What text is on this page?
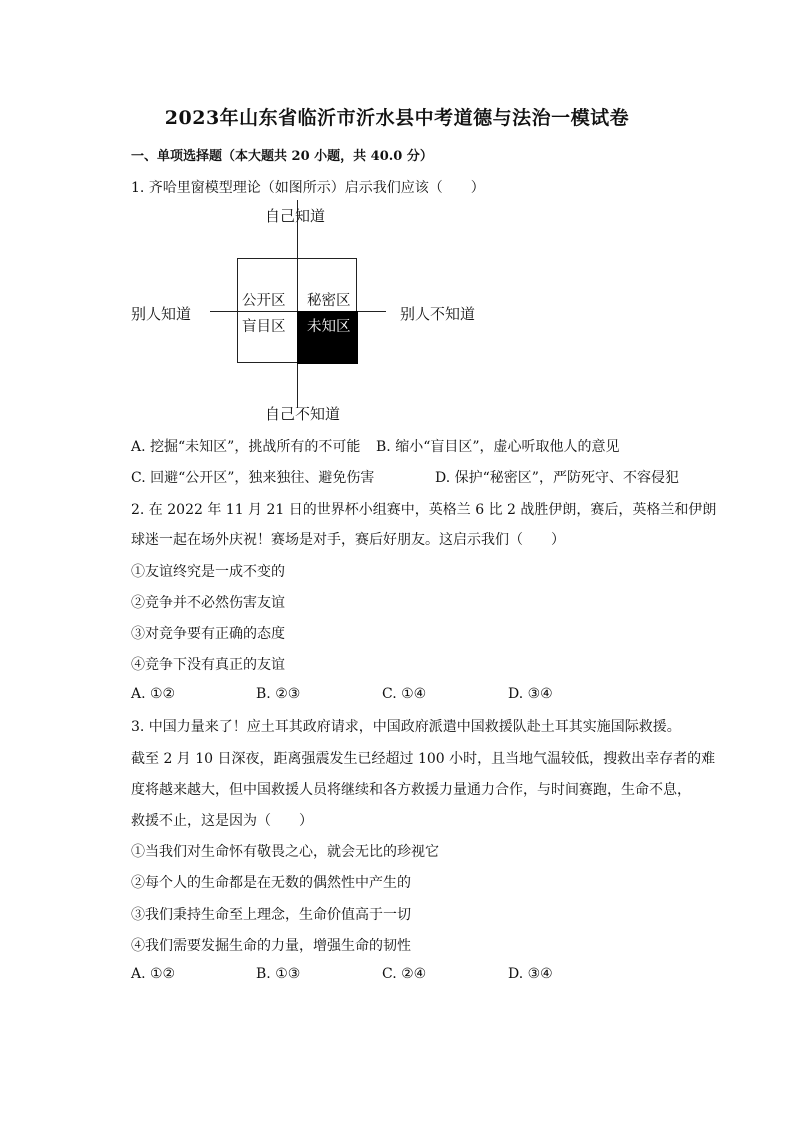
2023年山东省临沂市沂水县中考道德与法治一模试卷
一、单项选择题（本大题共 20 小题，共 40.0 分）
1. 齐哈里窗模型理论（如图所示）启示我们应该（　　）
自己知道
自己不知道
别人知道	别人不知道
公开区 秘密区
盲目区 未知区
A. 挖掘“未知区”，挑战所有的不可能 B. 缩小“盲目区”，虚心听取他人的意见
C. 回避“公开区”，独来独往、避免伤害	D. 保护“秘密区”，严防死守、不容侵犯
2. 在 2022 年 11 月 21 日的世界杯小组赛中，英格兰 6 比 2 战胜伊朗，赛后，英格兰和伊朗
球迷一起在场外庆祝！赛场是对手，赛后好朋友。这启示我们（　　）
①友谊终究是一成不变的
②竞争并不必然伤害友谊
③对竞争要有正确的态度
④竞争下没有真正的友谊
A. ①②	B. ②③	C. ①④	D. ③④
3. 中国力量来了！应土耳其政府请求，中国政府派遣中国救援队赴土耳其实施国际救援。
截至 2 月 10 日深夜，距离强震发生已经超过 100 小时，且当地气温较低，搜救出幸存者的难
度将越来越大，但中国救援人员将继续和各方救援力量通力合作，与时间赛跑，生命不息，
救援不止，这是因为（　　）
①当我们对生命怀有敬畏之心，就会无比的珍视它
②每个人的生命都是在无数的偶然性中产生的
③我们秉持生命至上理念，生命价值高于一切
④我们需要发掘生命的力量，增强生命的韧性
A. ①②	B. ①③	C. ②④	D. ③④
